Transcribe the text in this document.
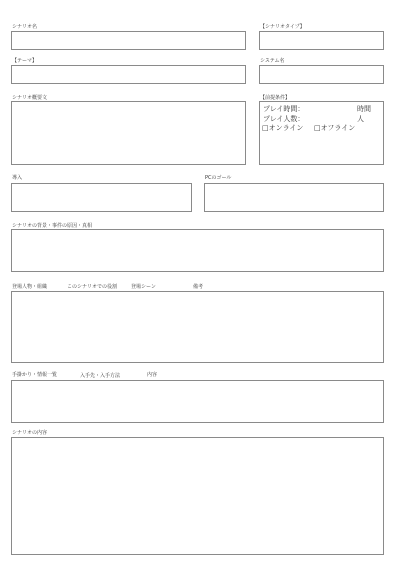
シナリオ名	【シナリオタイプ】
【テーマ】	システム名
シナリオ概要文	【前提条件】
プレイ時間：	時間
プレイ人数：	人
□オンライン □オフライン
導入	PCのゴール
シナリオの背景・事件の原因・真相
登場人物・組織	このシナリオでの役割	登場シーン	備考
手掛かり・情報一覧	入手先・入手方法	内容
シナリオの内容
